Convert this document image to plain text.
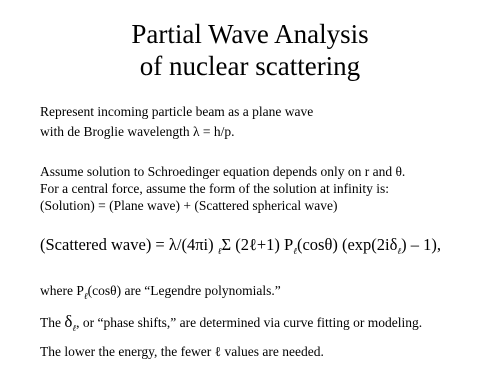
Partial Wave Analysis
of nuclear scattering
Represent incoming particle beam as a plane wave
with de Broglie wavelength λ = h/p.
Assume solution to Schroedinger equation depends only on r and θ.
For a central force, assume the form of the solution at infinity is:
(Solution) = (Plane wave) + (Scattered spherical wave)
(Scattered wave) = λ/(4πi) $_\ell$Σ (2ℓ+1) $P_\ell(\cos\theta)$ $(\exp(2i\delta_\ell) - 1)$,
where $P_\ell(\cos\theta)$ are “Legendre polynomials.”
The $\delta_\ell$, or “phase shifts,” are determined via curve fitting or modeling.
The lower the energy, the fewer ℓ values are needed.
